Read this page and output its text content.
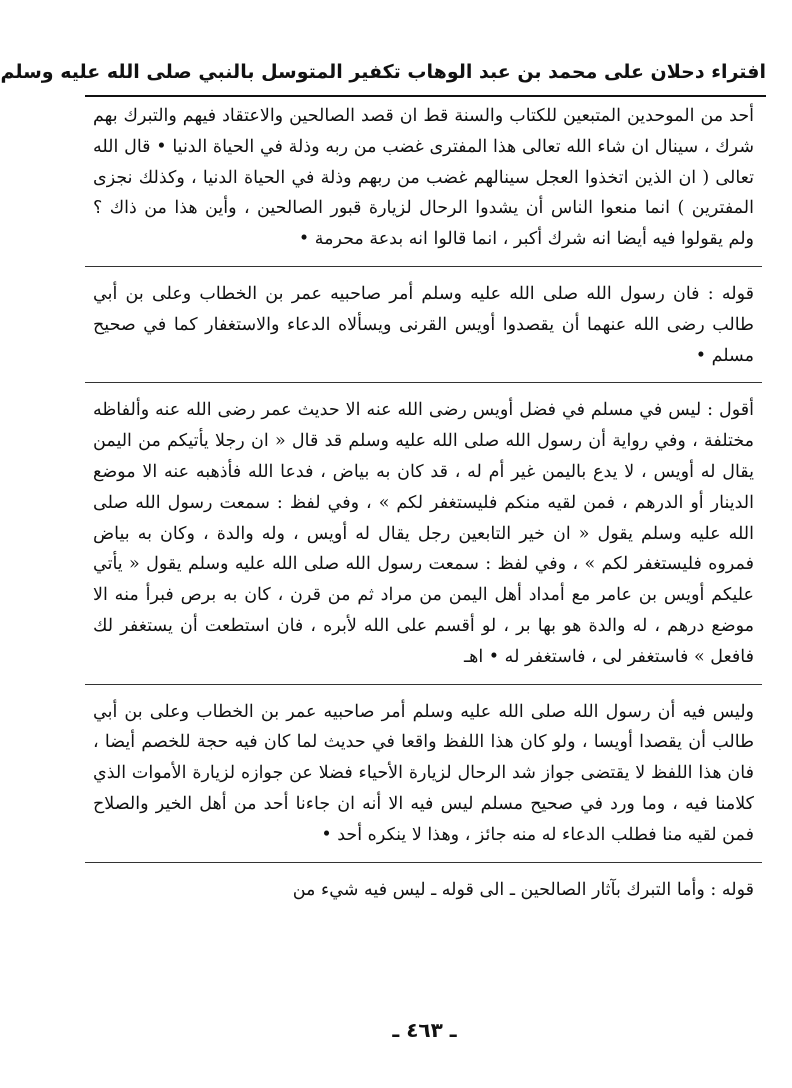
افتراء دحلان على محمد بن عبد الوهاب تكفير المتوسل بالنبي صلى الله عليه وسلم

أحد من الموحدين المتبعين للكتاب والسنة قط ان قصد الصالحين والاعتقاد فيهم والتبرك بهم شرك ، سينال ان شاء الله تعالى هذا المفترى غضب من ربه وذلة في الحياة الدنيا • قال الله تعالى ( ان الذين اتخذوا العجل سينالهم غضب من ربهم وذلة في الحياة الدنيا ، وكذلك نجزى المفترين ) انما منعوا الناس أن يشدوا الرحال لزيارة قبور الصالحين ، وأين هذا من ذاك ؟ ولم يقولوا فيه أيضا انه شرك أكبر ، انما قالوا انه بدعة محرمة •

قوله : فان رسول الله صلى الله عليه وسلم أمر صاحبيه عمر بن الخطاب وعلى بن أبي طالب رضى الله عنهما أن يقصدوا أويس القرنى ويسألاه الدعاء والاستغفار كما في صحيح مسلم •

أقول : ليس في مسلم في فضل أويس رضى الله عنه الا حديث عمر رضى الله عنه وألفاظه مختلفة ، وفي رواية أن رسول الله صلى الله عليه وسلم قد قال « ان رجلا يأتيكم من اليمن يقال له أويس ، لا يدع باليمن غير أم له ، قد كان به بياض ، فدعا الله فأذهبه عنه الا موضع الدينار أو الدرهم ، فمن لقيه منكم فليستغفر لكم » ، وفي لفظ : سمعت رسول الله صلى الله عليه وسلم يقول « ان خير التابعين رجل يقال له أويس ، وله والدة ، وكان به بياض فمروه فليستغفر لكم » ، وفي لفظ : سمعت رسول الله صلى الله عليه وسلم يقول « يأتي عليكم أويس بن عامر مع أمداد أهل اليمن من مراد ثم من قرن ، كان به برص فبرأ منه الا موضع درهم ، له والدة هو بها بر ، لو أقسم على الله لأبره ، فان استطعت أن يستغفر لك فافعل » فاستغفر لى ، فاستغفر له • اهـ

وليس فيه أن رسول الله صلى الله عليه وسلم أمر صاحبيه عمر بن الخطاب وعلى بن أبي طالب أن يقصدا أويسا ، ولو كان هذا اللفظ واقعا في حديث لما كان فيه حجة للخصم أيضا ، فان هذا اللفظ لا يقتضى جواز شد الرحال لزيارة الأحياء فضلا عن جوازه لزيارة الأموات الذي كلامنا فيه ، وما ورد في صحيح مسلم ليس فيه الا أنه ان جاءنا أحد من أهل الخير والصلاح فمن لقيه منا فطلب الدعاء له منه جائز ، وهذا لا ينكره أحد •

قوله : وأما التبرك بآثار الصالحين ـ الى قوله ـ ليس فيه شيء من

ـ ٤٦٣ ـ
